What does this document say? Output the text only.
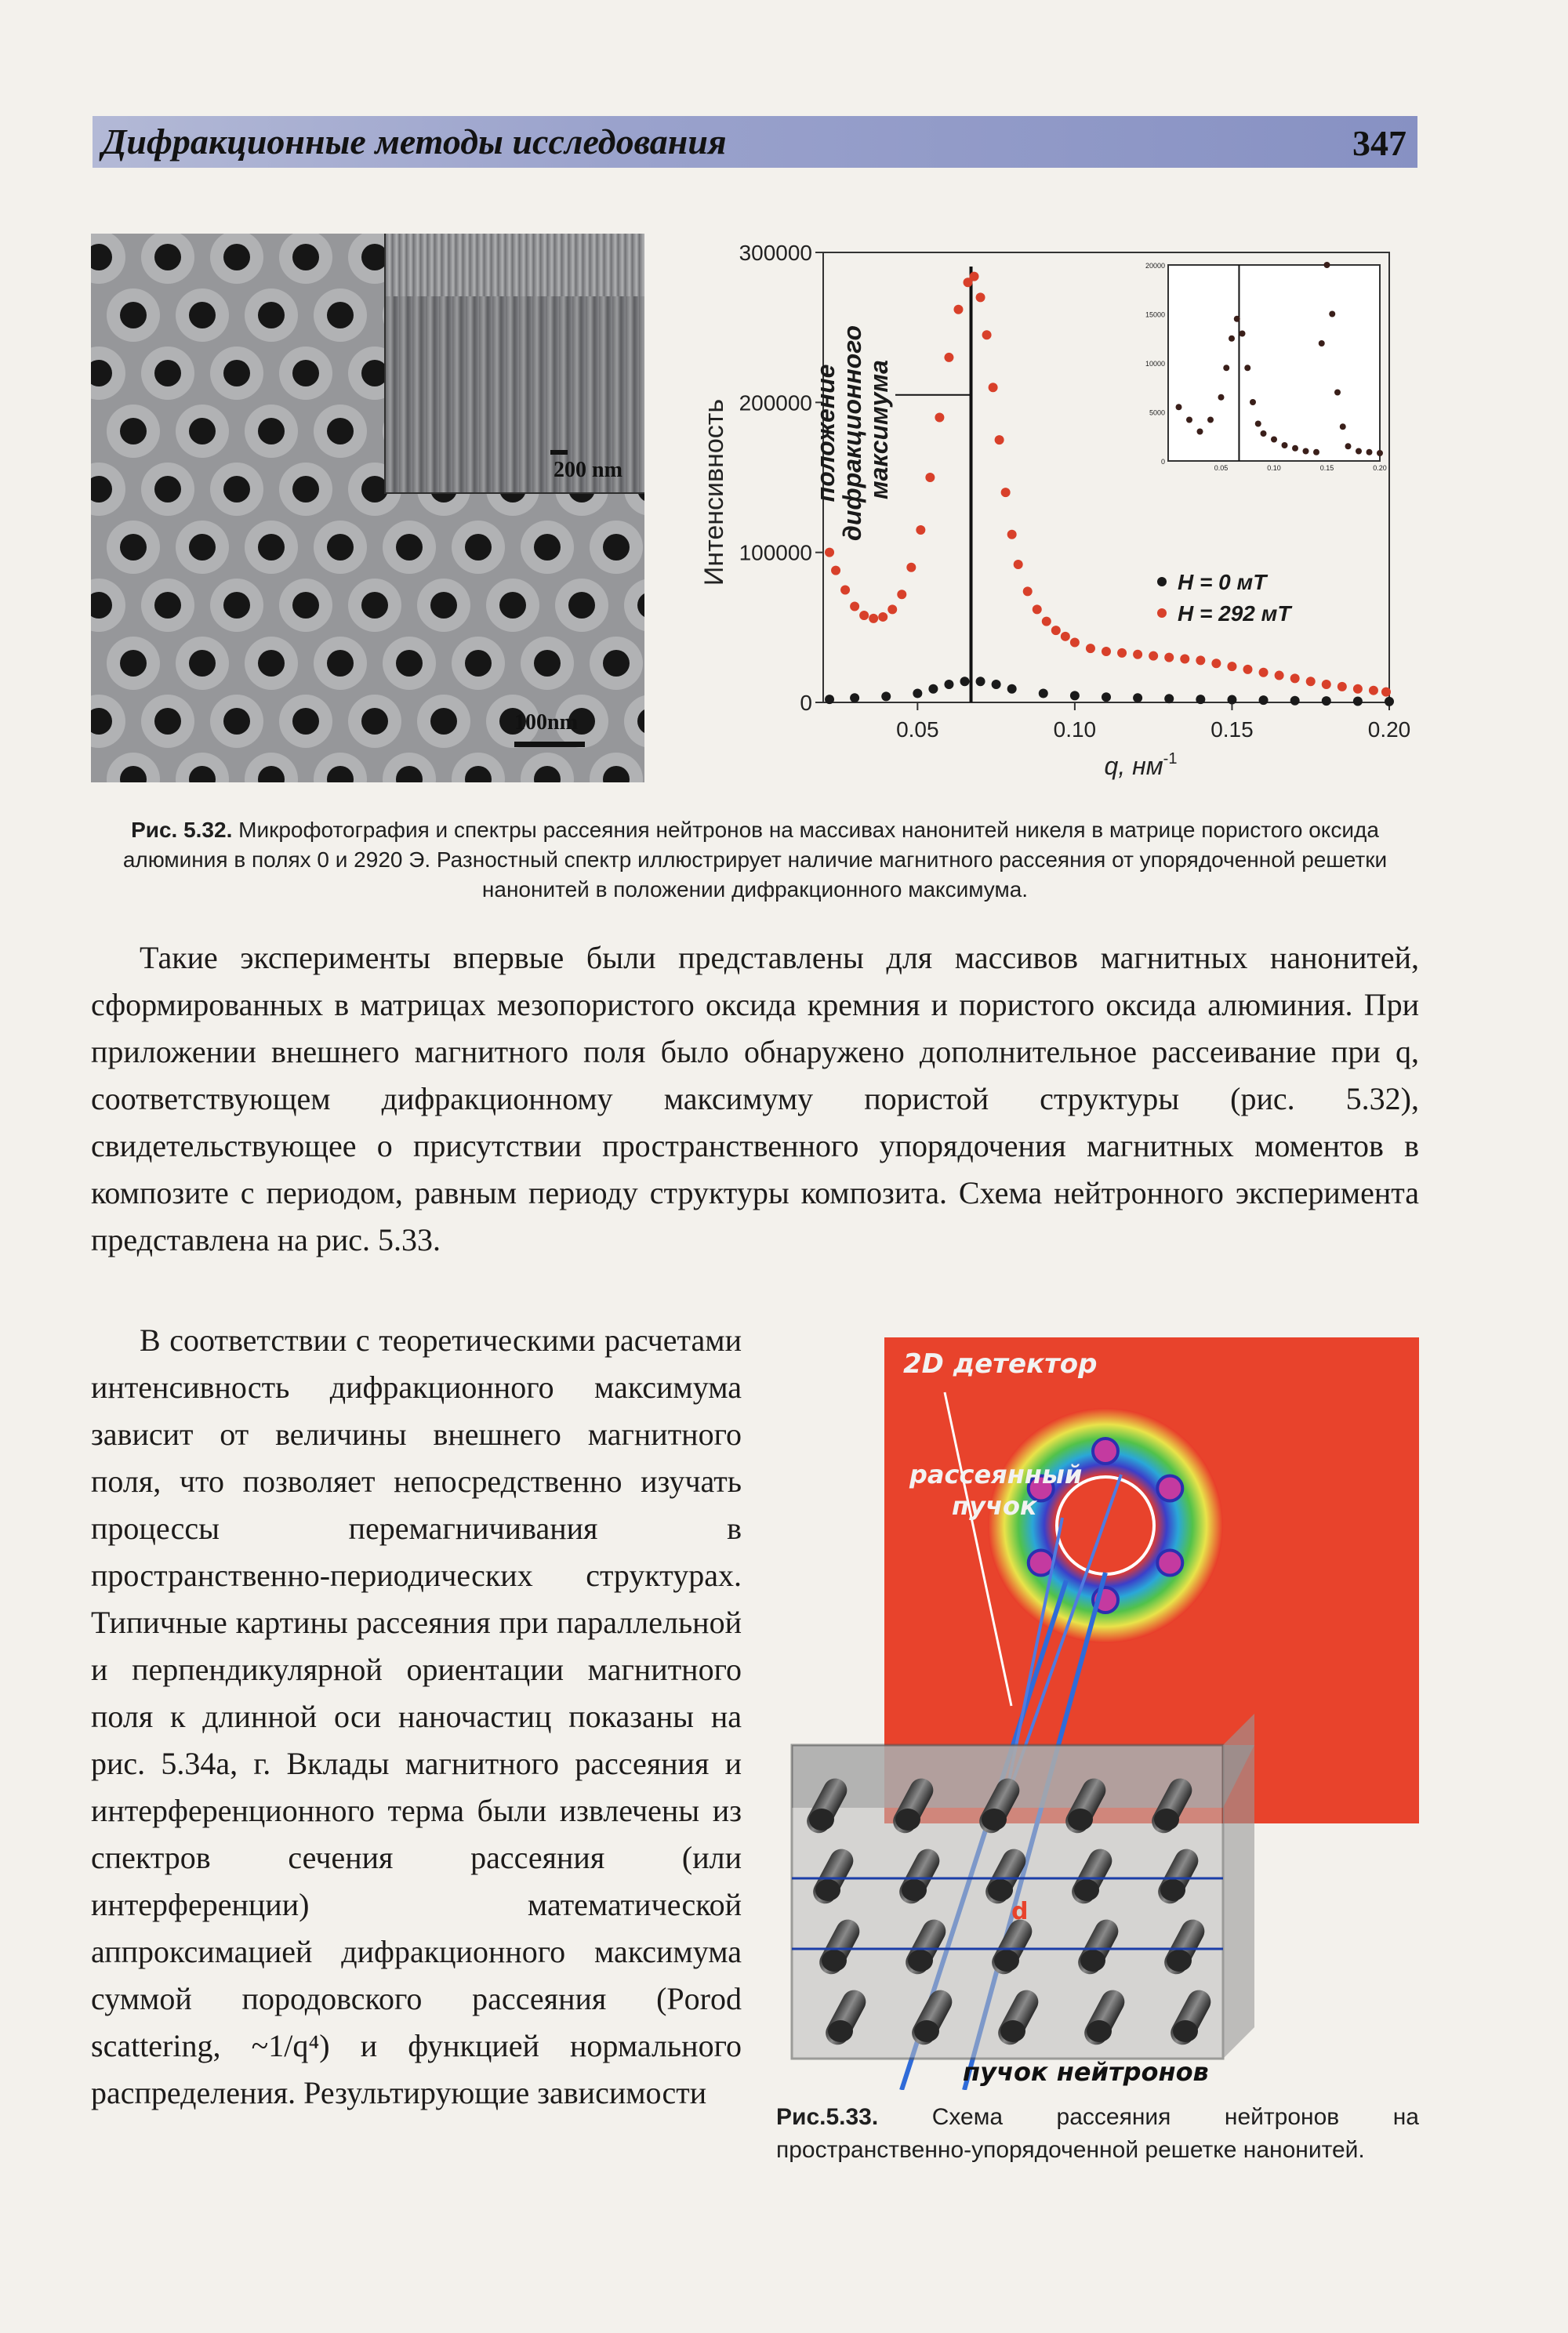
Дифракционные методы исследования	347
200 nm
100nm
0
100000
200000
300000
0.05	0.10	0.15	0.20
0
5000
10000
15000
20000
0.05	0.10	0.15	0.20
Интенсивность
q, $нм^{-1}$
положение дифракционного максимума
H = 0 мТ
H = 292 мТ
Рис. 5.32. Микрофотография и спектры рассеяния нейтронов на массивах нанонитей никеля в матрице пористого оксида алюминия в полях 0 и 2920 Э. Разностный спектр иллюстрирует наличие магнитного рассеяния от упорядоченной решетки нанонитей в положении дифракционного максимума.

Такие эксперименты впервые были представлены для массивов магнитных нанонитей, сформированных в матрицах мезопористого оксида кремния и пористого оксида алюминия. При приложении внешнего магнитного поля было обнаружено дополнительное рассеивание при q, соответствующем дифракционному максимуму пористой структуры (рис. 5.32), свидетельствующее о присутствии пространственного упорядочения магнитных моментов в композите с периодом, равным периоду структуры композита. Схема нейтронного эксперимента представлена на рис. 5.33.

В соответствии с теоретическими расчетами интенсивность дифракционного максимума зависит от величины внешнего магнитного поля, что позволяет непосредственно изучать процессы перемагничивания в пространственно-периодических структурах. Типичные картины рассеяния при параллельной и перпендикулярной ориентации магнитного поля к длинной оси наночастиц показаны на рис. 5.34а, г. Вклады магнитного рассеяния и интерференционного терма были извлечены из спектров сечения рассеяния (или интерференции) математической аппроксимацией дифракционного максимума суммой породовского рассеяния (Porod scattering, ~1/q⁴) и функцией нормального распределения. Результирующие зависимости

d
2D детектор
рассеянный
пучок
пучок нейтронов
Рис.5.33. Схема рассеяния нейтронов на пространственно-упорядоченной решетке нанонитей.
